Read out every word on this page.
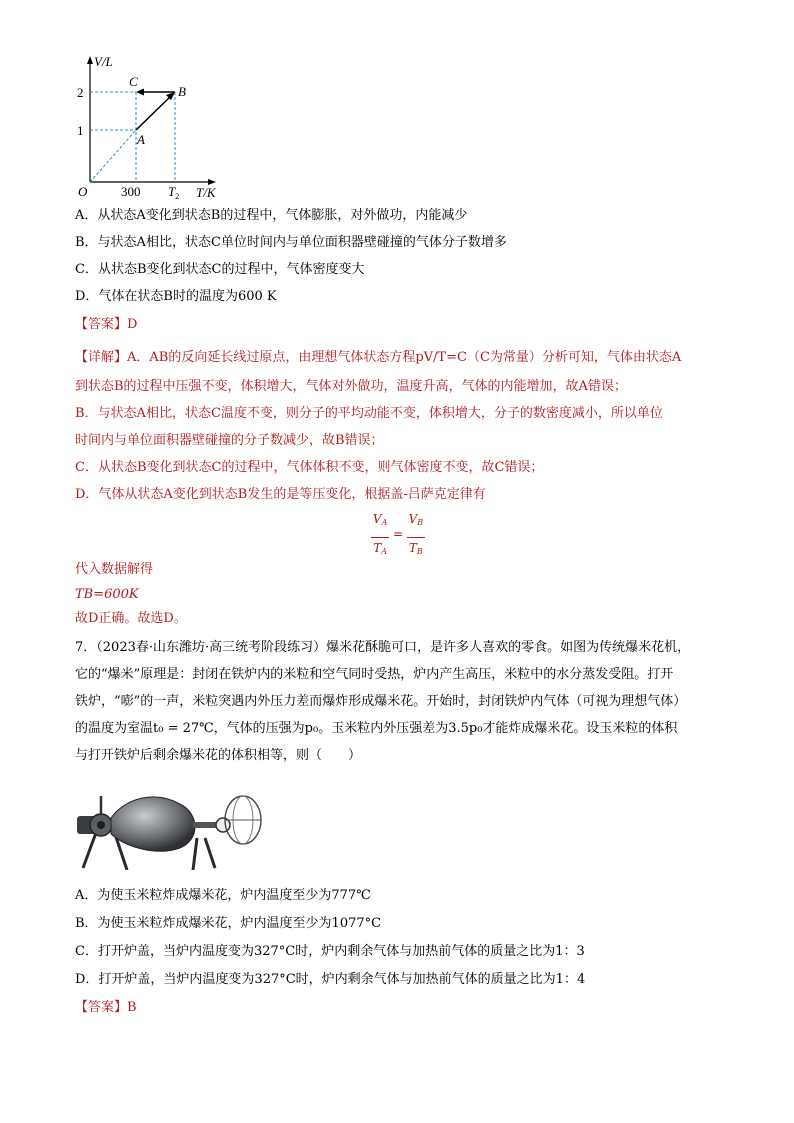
V/L
T/K
O
2
1
300 $T_2$
A
B
C
A．从状态A变化到状态B的过程中，气体膨胀，对外做功，内能减少
B．与状态A相比，状态C单位时间内与单位面积器壁碰撞的气体分子数增多
C．从状态B变化到状态C的过程中，气体密度变大
D．气体在状态B时的温度为600 K
【答案】D
【详解】A．AB的反向延长线过原点，由理想气体状态方程pV/T=C（C为常量）分析可知，气体由状态A
到状态B的过程中压强不变，体积增大，气体对外做功，温度升高，气体的内能增加，故A错误；
B．与状态A相比，状态C温度不变，则分子的平均动能不变，体积增大，分子的数密度减小，所以单位
时间内与单位面积器壁碰撞的分子数减少，故B错误；
C．从状态B变化到状态C的过程中，气体体积不变，则气体密度不变，故C错误；
D．气体从状态A变化到状态B发生的是等压变化，根据盖-吕萨克定律有
$\frac{V_A}{T_A} = \frac{V_B}{T_B}$
代入数据解得
TB=600K
故D正确。故选D。
7．（2023春·山东潍坊·高三统考阶段练习）爆米花酥脆可口，是许多人喜欢的零食。如图为传统爆米花机，
它的“爆米”原理是：封闭在铁炉内的米粒和空气同时受热，炉内产生高压，米粒中的水分蒸发受阻。打开
铁炉，“嘭”的一声，米粒突遇内外压力差而爆炸形成爆米花。开始时，封闭铁炉内气体（可视为理想气体）
的温度为室温t₀ = 27℃，气体的压强为p₀。玉米粒内外压强差为3.5p₀才能炸成爆米花。设玉米粒的体积
与打开铁炉后剩余爆米花的体积相等，则（　　）
A．为使玉米粒炸成爆米花，炉内温度至少为777℃
B．为使玉米粒炸成爆米花，炉内温度至少为1077°C
C．打开炉盖，当炉内温度变为327°C时，炉内剩余气体与加热前气体的质量之比为1：3
D．打开炉盖，当炉内温度变为327°C时，炉内剩余气体与加热前气体的质量之比为1：4
【答案】B
